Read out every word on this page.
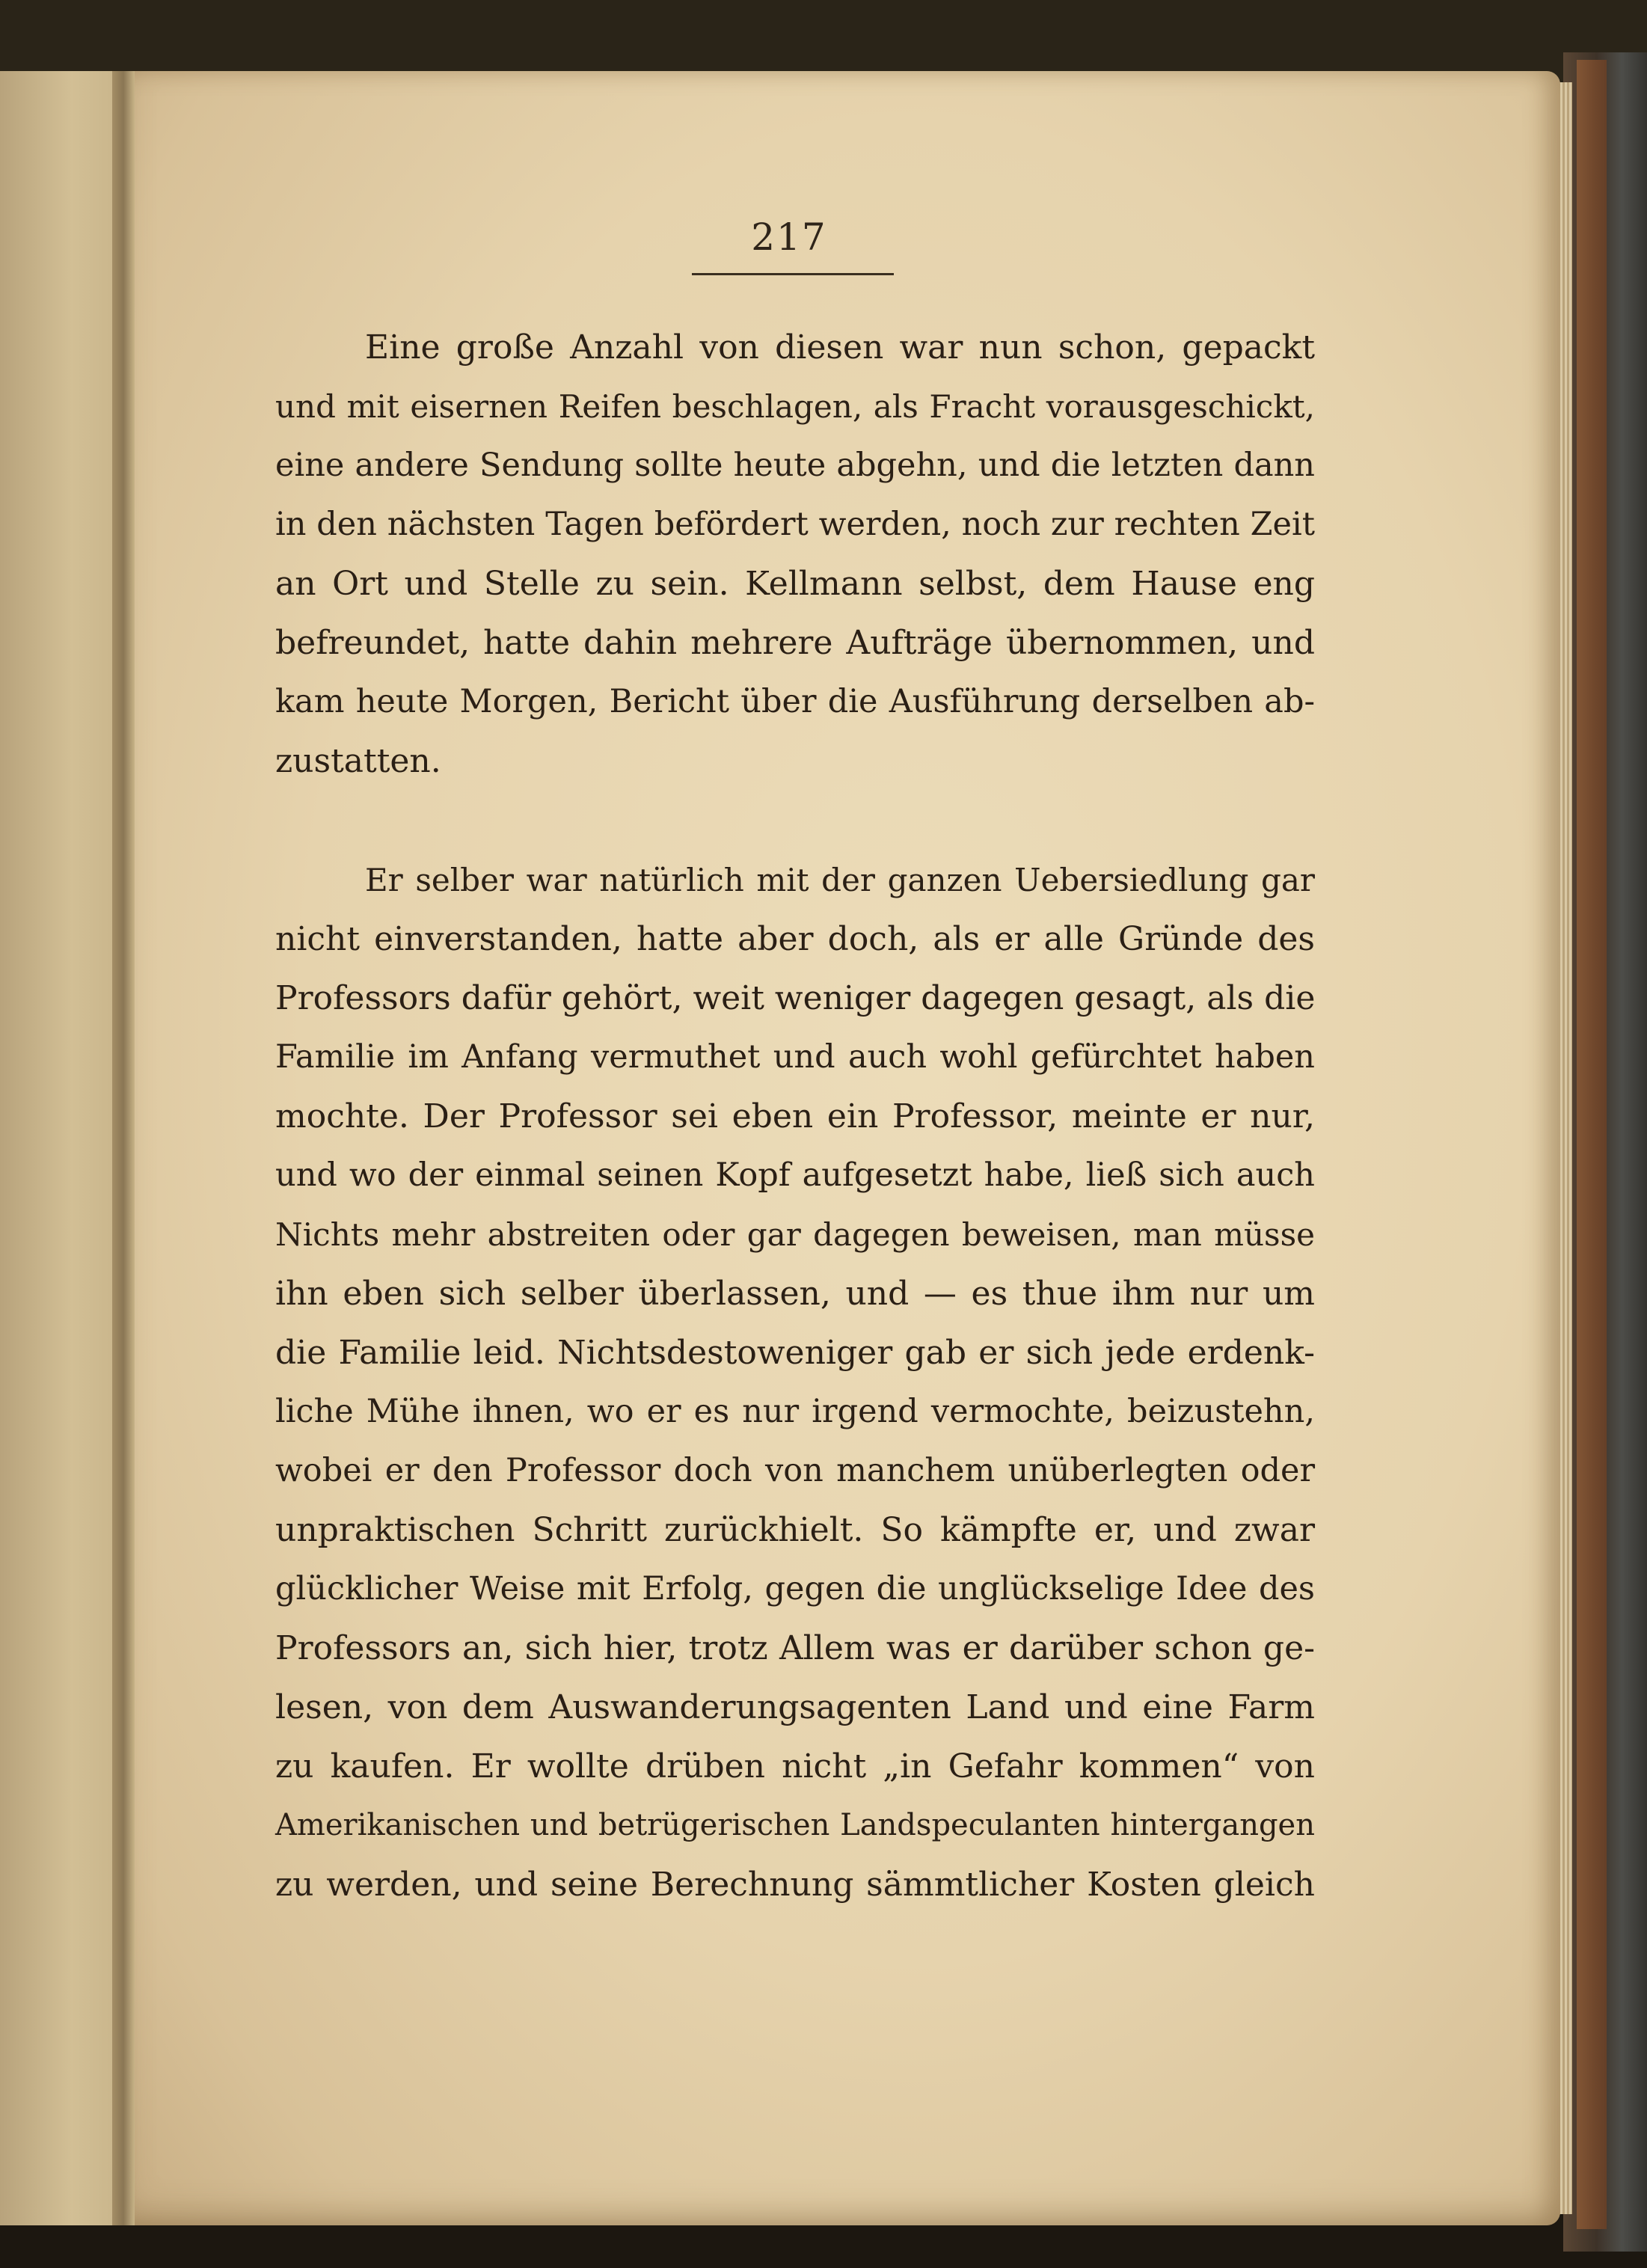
217
Eine große Anzahl von diesen war nun schon, gepackt
und mit eisernen Reifen beschlagen, als Fracht vorausgeschickt,
eine andere Sendung sollte heute abgehn, und die letzten dann
in den nächsten Tagen befördert werden, noch zur rechten Zeit
an Ort und Stelle zu sein. Kellmann selbst, dem Hause eng
befreundet, hatte dahin mehrere Aufträge übernommen, und
kam heute Morgen, Bericht über die Ausführung derselben ab-
zustatten.
Er selber war natürlich mit der ganzen Uebersiedlung gar
nicht einverstanden, hatte aber doch, als er alle Gründe des
Professors dafür gehört, weit weniger dagegen gesagt, als die
Familie im Anfang vermuthet und auch wohl gefürchtet haben
mochte. Der Professor sei eben ein Professor, meinte er nur,
und wo der einmal seinen Kopf aufgesetzt habe, ließ sich auch
Nichts mehr abstreiten oder gar dagegen beweisen, man müsse
ihn eben sich selber überlassen, und — es thue ihm nur um
die Familie leid. Nichtsdestoweniger gab er sich jede erdenk-
liche Mühe ihnen, wo er es nur irgend vermochte, beizustehn,
wobei er den Professor doch von manchem unüberlegten oder
unpraktischen Schritt zurückhielt. So kämpfte er, und zwar
glücklicher Weise mit Erfolg, gegen die unglückselige Idee des
Professors an, sich hier, trotz Allem was er darüber schon ge-
lesen, von dem Auswanderungsagenten Land und eine Farm
zu kaufen. Er wollte drüben nicht „in Gefahr kommen“ von
Amerikanischen und betrügerischen Landspeculanten hintergangen
zu werden, und seine Berechnung sämmtlicher Kosten gleich
